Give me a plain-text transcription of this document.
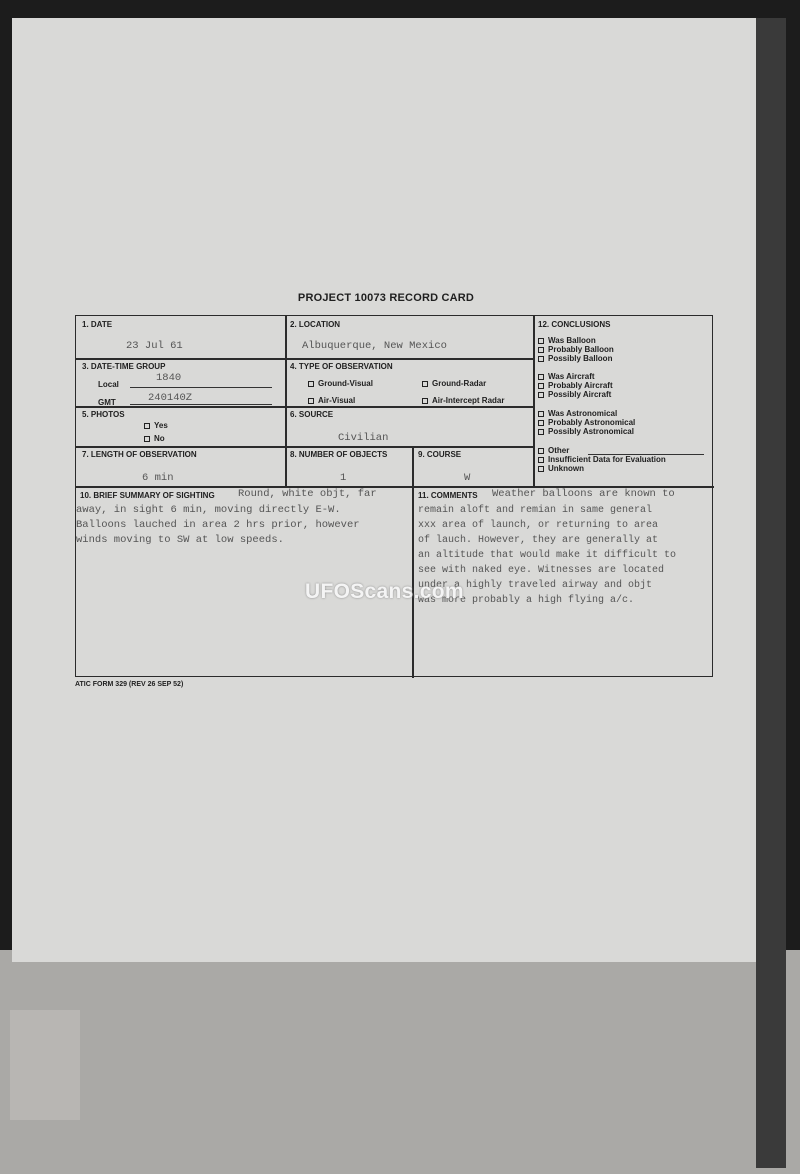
PROJECT 10073 RECORD CARD
1. DATE
23 Jul 61
2. LOCATION
Albuquerque, New Mexico
3. DATE-TIME GROUP
Local
1840
GMT	240140Z
4. TYPE OF OBSERVATION
Ground-Visual	Ground-Radar
Air-Visual	Air-Intercept Radar
5. PHOTOS
Yes
No
6. SOURCE
Civilian
7. LENGTH OF OBSERVATION
6 min
8. NUMBER OF OBJECTS
1
9. COURSE
W
10. BRIEF SUMMARY OF SIGHTING Round, white objt, far
away, in sight 6 min, moving directly E-W.
Balloons lauched in area 2 hrs prior, however
winds moving to SW at low speeds.
11. COMMENTS Weather balloons are known to
remain aloft and remian in same general
xxx area of launch, or returning to area
of lauch. However, they are generally at
an altitude that would make it difficult to
see with naked eye. Witnesses are located
under a highly traveled airway and objt
was more probably a high flying a/c.
12. CONCLUSIONS
Was Balloon
Probably Balloon
Possibly Balloon
Was Aircraft
Probably Aircraft
Possibly Aircraft
Was Astronomical
Probably Astronomical
Possibly Astronomical
Other
Insufficient Data for Evaluation
Unknown
ATIC FORM 329 (REV 26 SEP 52)
UFOScans.com
